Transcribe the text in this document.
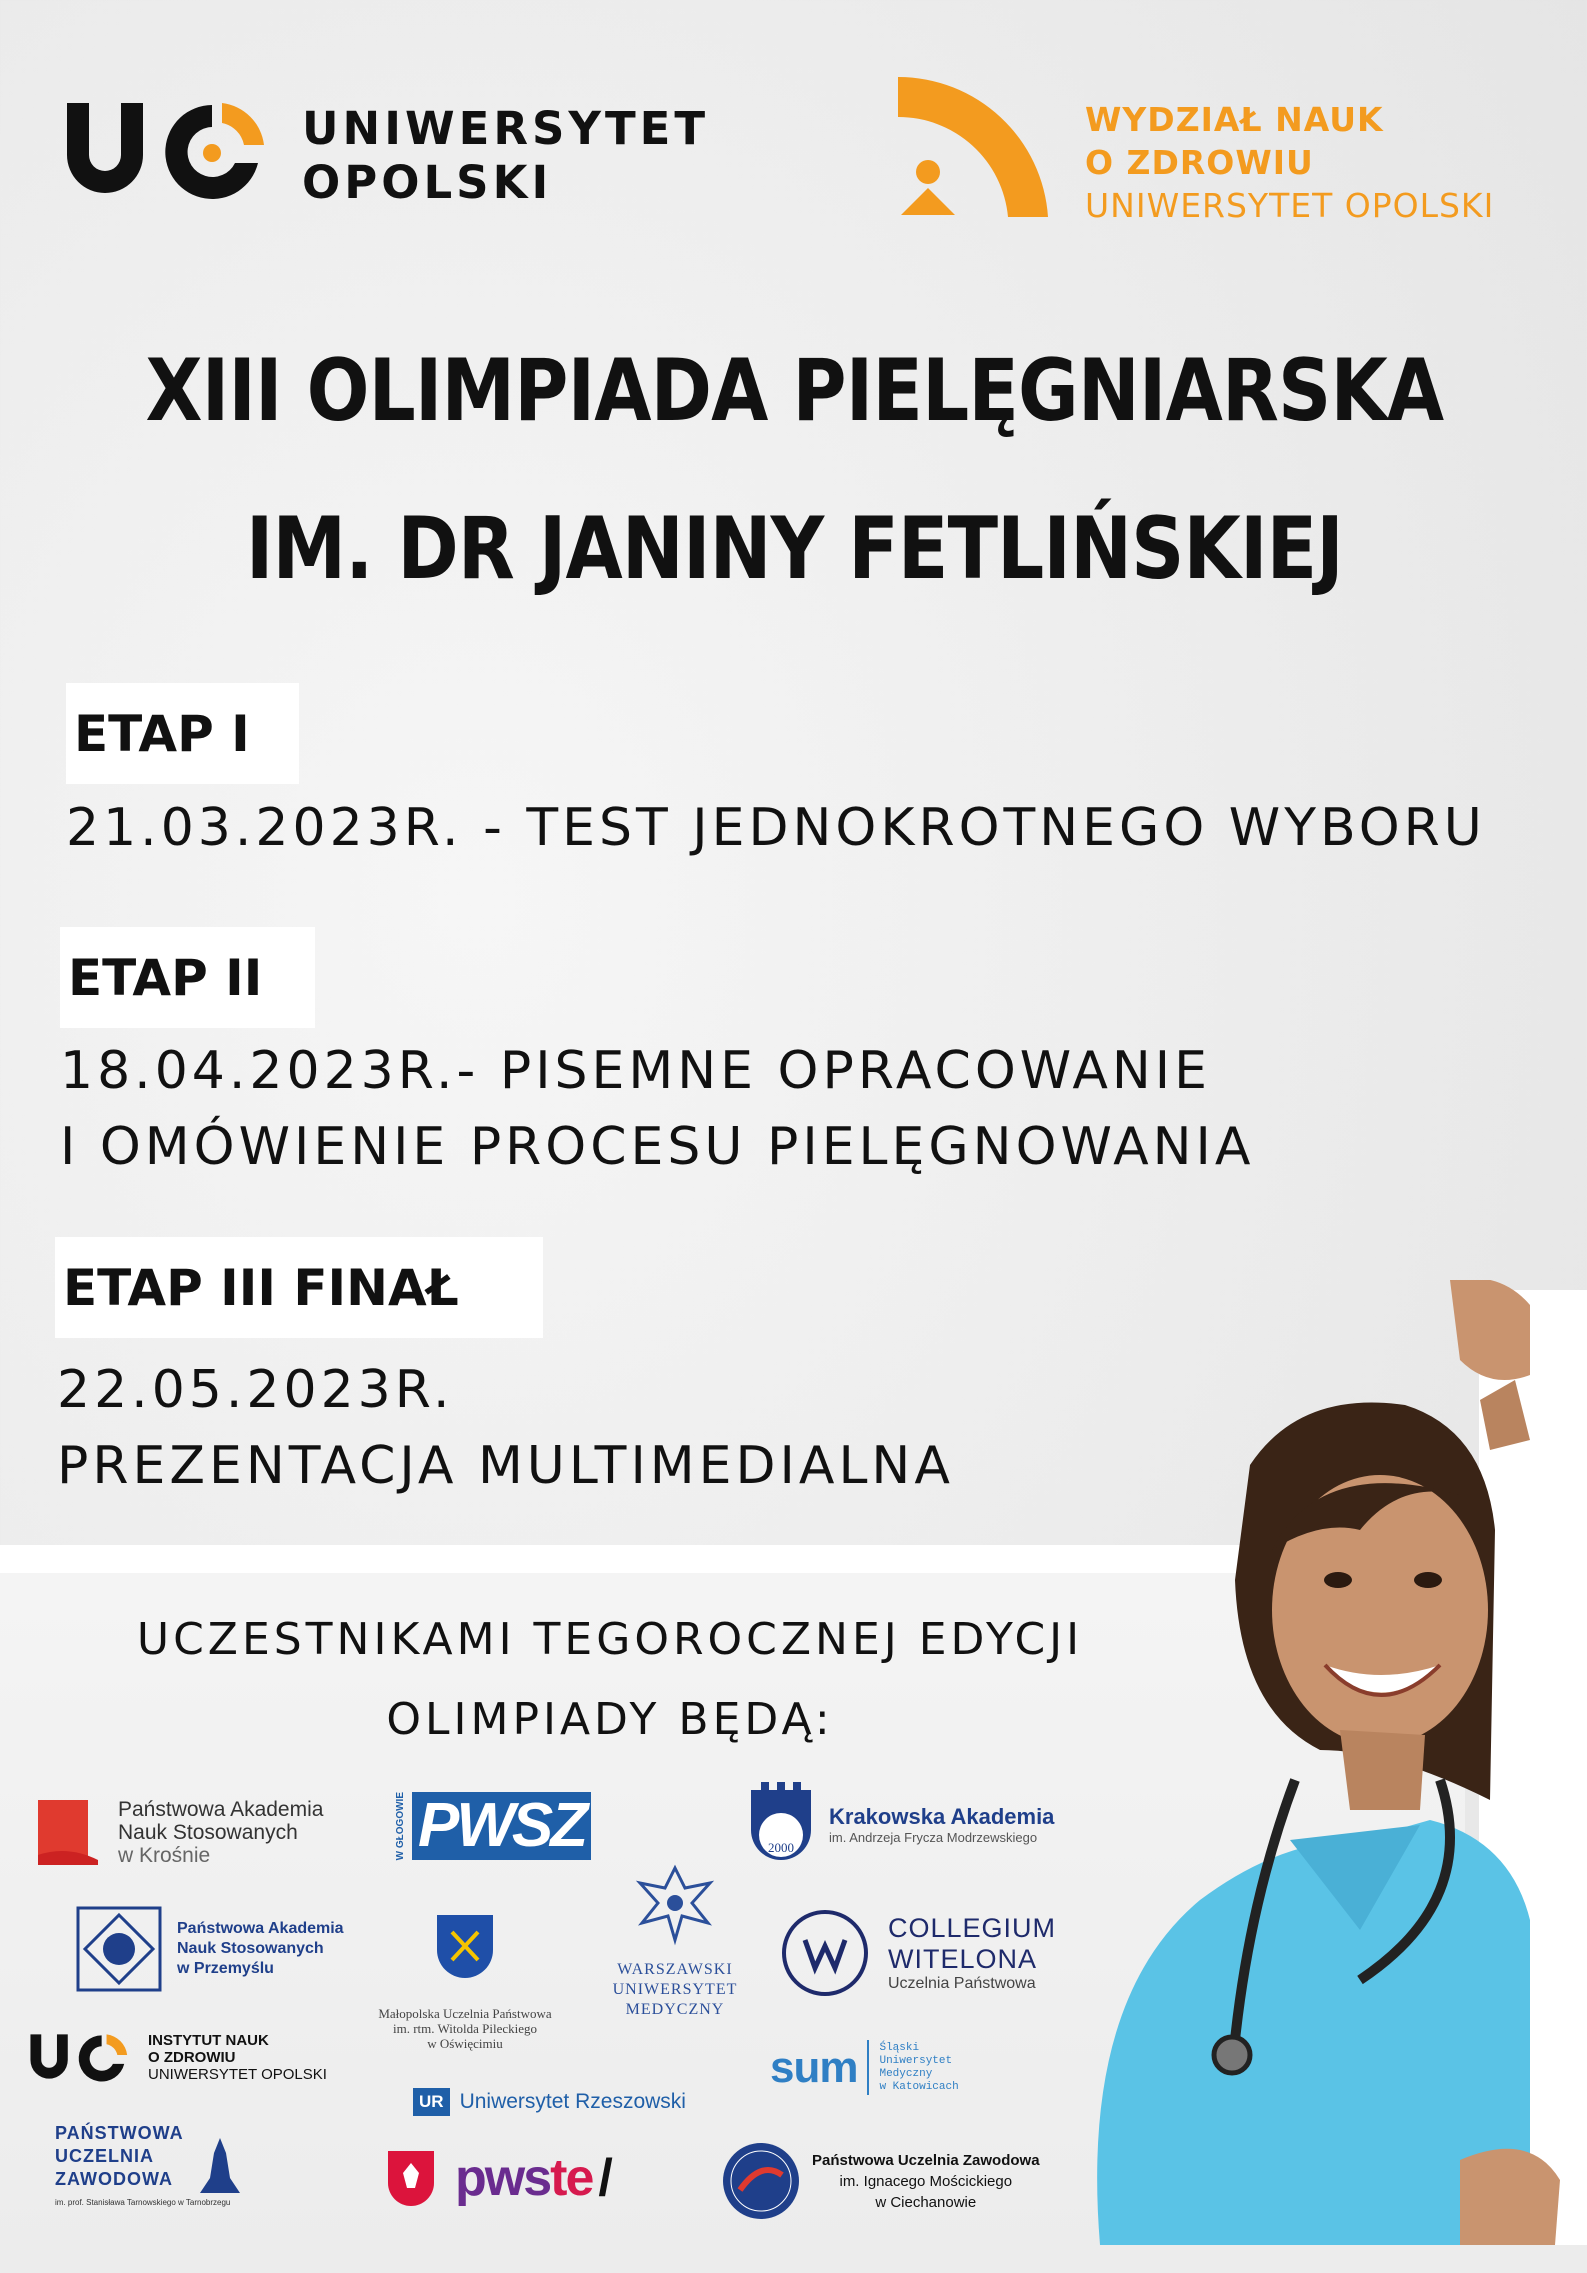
UNIWERSYTET
OPOLSKI
WYDZIAŁ NAUK
O ZDROWIU
UNIWERSYTET OPOLSKI
XIII OLIMPIADA PIELĘGNIARSKA
IM. DR JANINY FETLIŃSKIEJ
ETAP I
21.03.2023R. - TEST JEDNOKROTNEGO WYBORU
ETAP II
18.04.2023R.- PISEMNE OPRACOWANIE
I OMÓWIENIE PROCESU PIELĘGNOWANIA
ETAP III FINAŁ
22.05.2023R.
PREZENTACJA MULTIMEDIALNA
UCZESTNIKAMI TEGOROCZNEJ EDYCJI
OLIMPIADY BĘDĄ:
Państwowa Akademia
Nauk Stosowanych
w Krośnie	W GŁOGOWIE PWSZ	2000
Krakowska Akademia
im. Andrzeja Frycza Modrzewskiego
Państwowa Akademia
Nauk Stosowanych
w Przemyślu
Małopolska Uczelnia Państwowa
im. rtm. Witolda Pileckiego
w Oświęcimiu
WARSZAWSKI
UNIWERSYTET
MEDYCZNY
COLLEGIUM
WITELONA
Uczelnia Państwowa
INSTYTUT NAUK
O ZDROWIU
UNIWERSYTET OPOLSKI	sum Śląski
Uniwersytet
Medyczny
w Katowicach
UR Uniwersytet Rzeszowski
PAŃSTWOWA
UCZELNIA
ZAWODOWA
im. prof. Stanisława Tarnowskiego w Tarnobrzegu	pwste /	Państwowa Uczelnia Zawodowa
im. Ignacego Mościckiego
w Ciechanowie
